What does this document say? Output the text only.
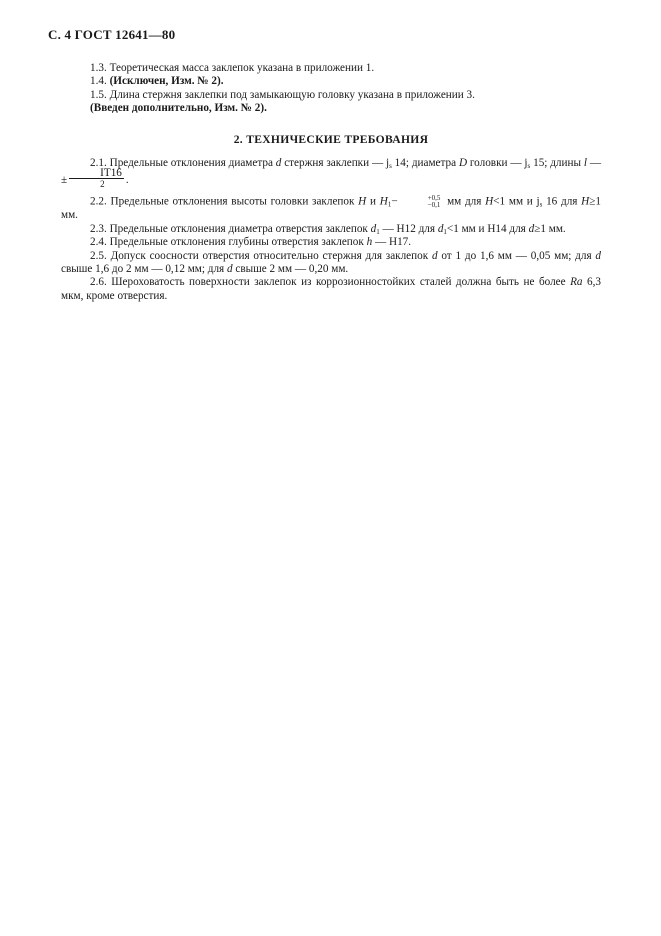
С. 4 ГОСТ 12641—80

1.3. Теоретическая масса заклепок указана в приложении 1.

1.4. (Исключен, Изм. № 2).

1.5. Длина стержня заклепки под замыкающую головку указана в приложении 3.

(Введен дополнительно, Изм. № 2).

2. ТЕХНИЧЕСКИЕ ТРЕБОВАНИЯ

2.1. Предельные отклонения диаметра d стержня заклепки — $j_s$ 14; диаметра D головки — $j_s$ 15; длины l — ± $\frac{IT16}{2}$ .

2.2. Предельные отклонения высоты головки заклепок H и $H_1-$	+0,5
−0,1 мм для H<1 мм и $j_s$ 16 для H≥1 мм.

2.3. Предельные отклонения диаметра отверстия заклепок $d_1$ — H12 для $d_1<1$ мм и H14 для d≥1 мм.

2.4. Предельные отклонения глубины отверстия заклепок h — H17.

2.5. Допуск соосности отверстия относительно стержня для заклепок d от 1 до 1,6 мм — 0,05 мм; для d свыше 1,6 до 2 мм — 0,12 мм; для d свыше 2 мм — 0,20 мм.

2.6. Шероховатость поверхности заклепок из коррозионностойких сталей должна быть не более Ra 6,3 мкм, кроме отверстия.
